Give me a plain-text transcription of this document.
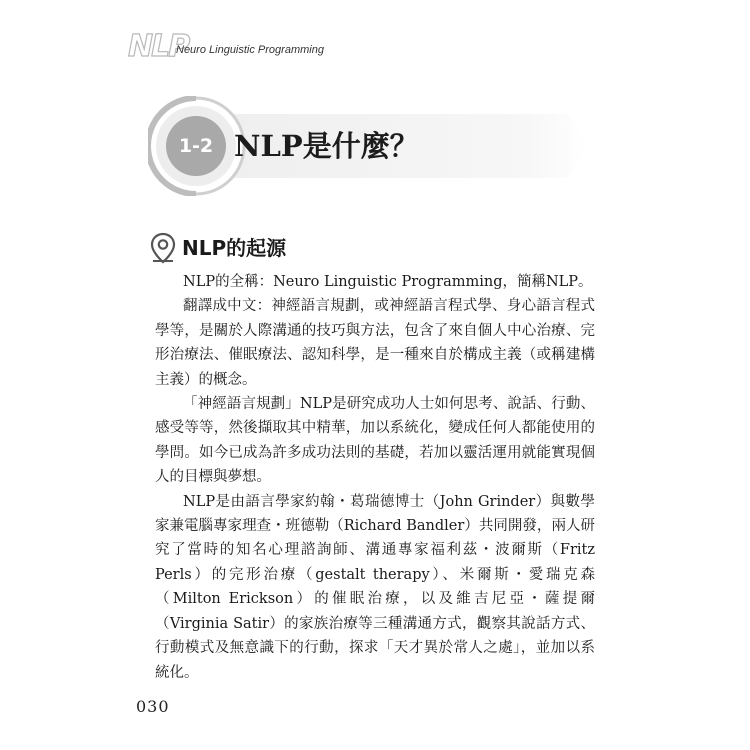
NLP
Neuro Linguistic Programming
1-2 NLP是什麼？
NLP的起源

NLP的全稱：Neuro Linguistic Programming，簡稱NLP。

翻譯成中文：神經語言規劃，或神經語言程式學、身心語言程式學等，是關於人際溝通的技巧與方法，包含了來自個人中心治療、完形治療法、催眠療法、認知科學，是一種來自於構成主義（或稱建構主義）的概念。

「神經語言規劃」NLP是研究成功人士如何思考、說話、行動、感受等等，然後擷取其中精華，加以系統化，變成任何人都能使用的學問。如今已成為許多成功法則的基礎，若加以靈活運用就能實現個人的目標與夢想。

NLP是由語言學家約翰・葛瑞德博士（John Grinder）與數學家兼電腦專家理查・班德勒（Richard Bandler）共同開發，兩人研究了當時的知名心理諮詢師、溝通專家福利茲・波爾斯（Fritz Perls）的完形治療（gestalt therapy）、米爾斯・愛瑞克森（Milton Erickson）的催眠治療，以及維吉尼亞・薩提爾（Virginia Satir）的家族治療等三種溝通方式，觀察其說話方式、行動模式及無意識下的行動，探求「天才異於常人之處」，並加以系統化。

030
